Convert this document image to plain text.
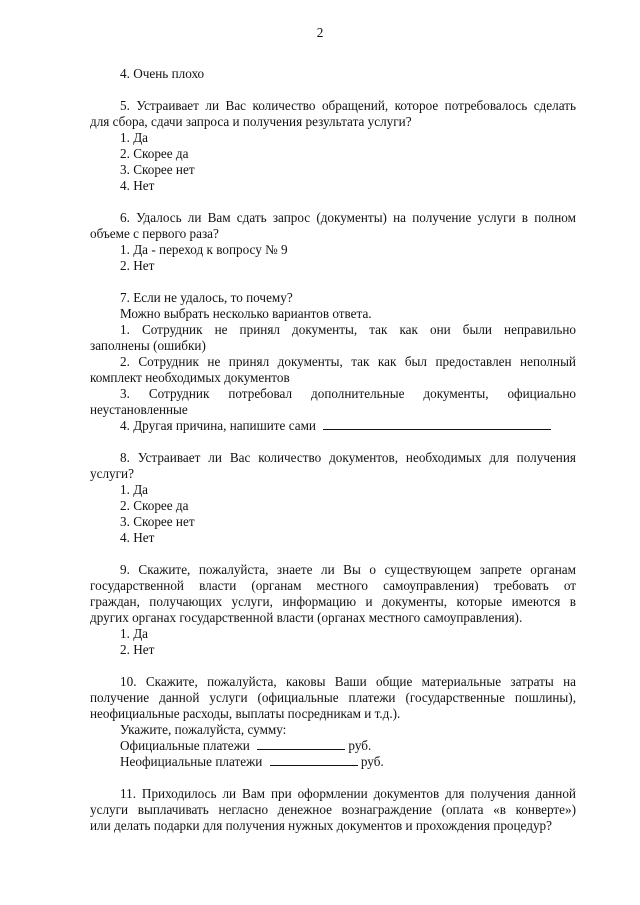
2
4. Очень плохо
5. Устраивает ли Вас количество обращений, которое потребовалось сделать
для сбора, сдачи запроса и получения результата услуги?
1. Да
2. Скорее да
3. Скорее нет
4. Нет
6. Удалось ли Вам сдать запрос (документы) на получение услуги в полном
объеме с первого раза?
1. Да - переход к вопросу № 9
2. Нет
7. Если не удалось, то почему?
Можно выбрать несколько вариантов ответа.
1. Сотрудник не принял документы, так как они были неправильно
заполнены (ошибки)
2. Сотрудник не принял документы, так как был предоставлен неполный
комплект необходимых документов
3. Сотрудник потребовал дополнительные документы, официально
неустановленные
4. Другая причина, напишите сами
8. Устраивает ли Вас количество документов, необходимых для получения
услуги?
1. Да
2. Скорее да
3. Скорее нет
4. Нет
9. Скажите, пожалуйста, знаете ли Вы о существующем запрете органам
государственной власти (органам местного самоуправления) требовать от
граждан, получающих услуги, информацию и документы, которые имеются в
других органах государственной власти (органах местного самоуправления).
1. Да
2. Нет
10. Скажите, пожалуйста, каковы Ваши общие материальные затраты на
получение данной услуги (официальные платежи (государственные пошлины),
неофициальные расходы, выплаты посредникам и т.д.).
Укажите, пожалуйста, сумму:
Официальные платежи	руб.
Неофициальные платежи	руб.
11. Приходилось ли Вам при оформлении документов для получения данной
услуги выплачивать негласно денежное вознаграждение (оплата «в конверте»)
или делать подарки для получения нужных документов и прохождения процедур?
